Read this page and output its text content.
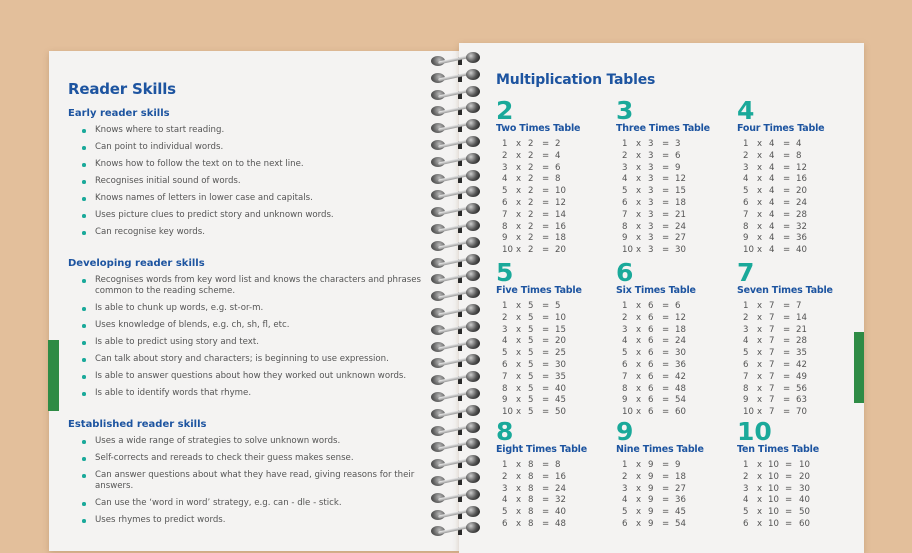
Reader Skills
Early reader skills
Knows where to start reading.
Can point to individual words.
Knows how to follow the text on to the next line.
Recognises initial sound of words.
Knows names of letters in lower case and capitals.
Uses picture clues to predict story and unknown words.
Can recognise key words.
Developing reader skills
Recognises words from key word list and knows the characters and phrases common to the reading scheme.
Is able to chunk up words, e.g. st-or-m.
Uses knowledge of blends, e.g. ch, sh, fl, etc.
Is able to predict using story and text.
Can talk about story and characters; is beginning to use expression.
Is able to answer questions about how they worked out unknown words.
Is able to identify words that rhyme.
Established reader skills
Uses a wide range of strategies to solve unknown words.
Self-corrects and rereads to check their guess makes sense.
Can answer questions about what they have read, giving reasons for their answers.
Can use the ‘word in word’ strategy, e.g. can - dle - stick.
Uses rhymes to predict words.
Multiplication Tables
2
Two Times Table
1 x 2 = 2
2 x 2 = 4
3 x 2 = 6
4 x 2 = 8
5 x 2 = 10
6 x 2 = 12
7 x 2 = 14
8 x 2 = 16
9 x 2 = 18
10 x 2 = 20
3
Three Times Table
1 x 3 = 3
2 x 3 = 6
3 x 3 = 9
4 x 3 = 12
5 x 3 = 15
6 x 3 = 18
7 x 3 = 21
8 x 3 = 24
9 x 3 = 27
10 x 3 = 30
4
Four Times Table
1 x 4 = 4
2 x 4 = 8
3 x 4 = 12
4 x 4 = 16
5 x 4 = 20
6 x 4 = 24
7 x 4 = 28
8 x 4 = 32
9 x 4 = 36
10 x 4 = 40
5
Five Times Table
1 x 5 = 5
2 x 5 = 10
3 x 5 = 15
4 x 5 = 20
5 x 5 = 25
6 x 5 = 30
7 x 5 = 35
8 x 5 = 40
9 x 5 = 45
10 x 5 = 50
6
Six Times Table
1 x 6 = 6
2 x 6 = 12
3 x 6 = 18
4 x 6 = 24
5 x 6 = 30
6 x 6 = 36
7 x 6 = 42
8 x 6 = 48
9 x 6 = 54
10 x 6 = 60
7
Seven Times Table
1 x 7 = 7
2 x 7 = 14
3 x 7 = 21
4 x 7 = 28
5 x 7 = 35
6 x 7 = 42
7 x 7 = 49
8 x 7 = 56
9 x 7 = 63
10 x 7 = 70
8
Eight Times Table
1 x 8 = 8
2 x 8 = 16
3 x 8 = 24
4 x 8 = 32
5 x 8 = 40
6 x 8 = 48
9
Nine Times Table
1 x 9 = 9
2 x 9 = 18
3 x 9 = 27
4 x 9 = 36
5 x 9 = 45
6 x 9 = 54
10
Ten Times Table
1 x 10 = 10
2 x 10 = 20
3 x 10 = 30
4 x 10 = 40
5 x 10 = 50
6 x 10 = 60
